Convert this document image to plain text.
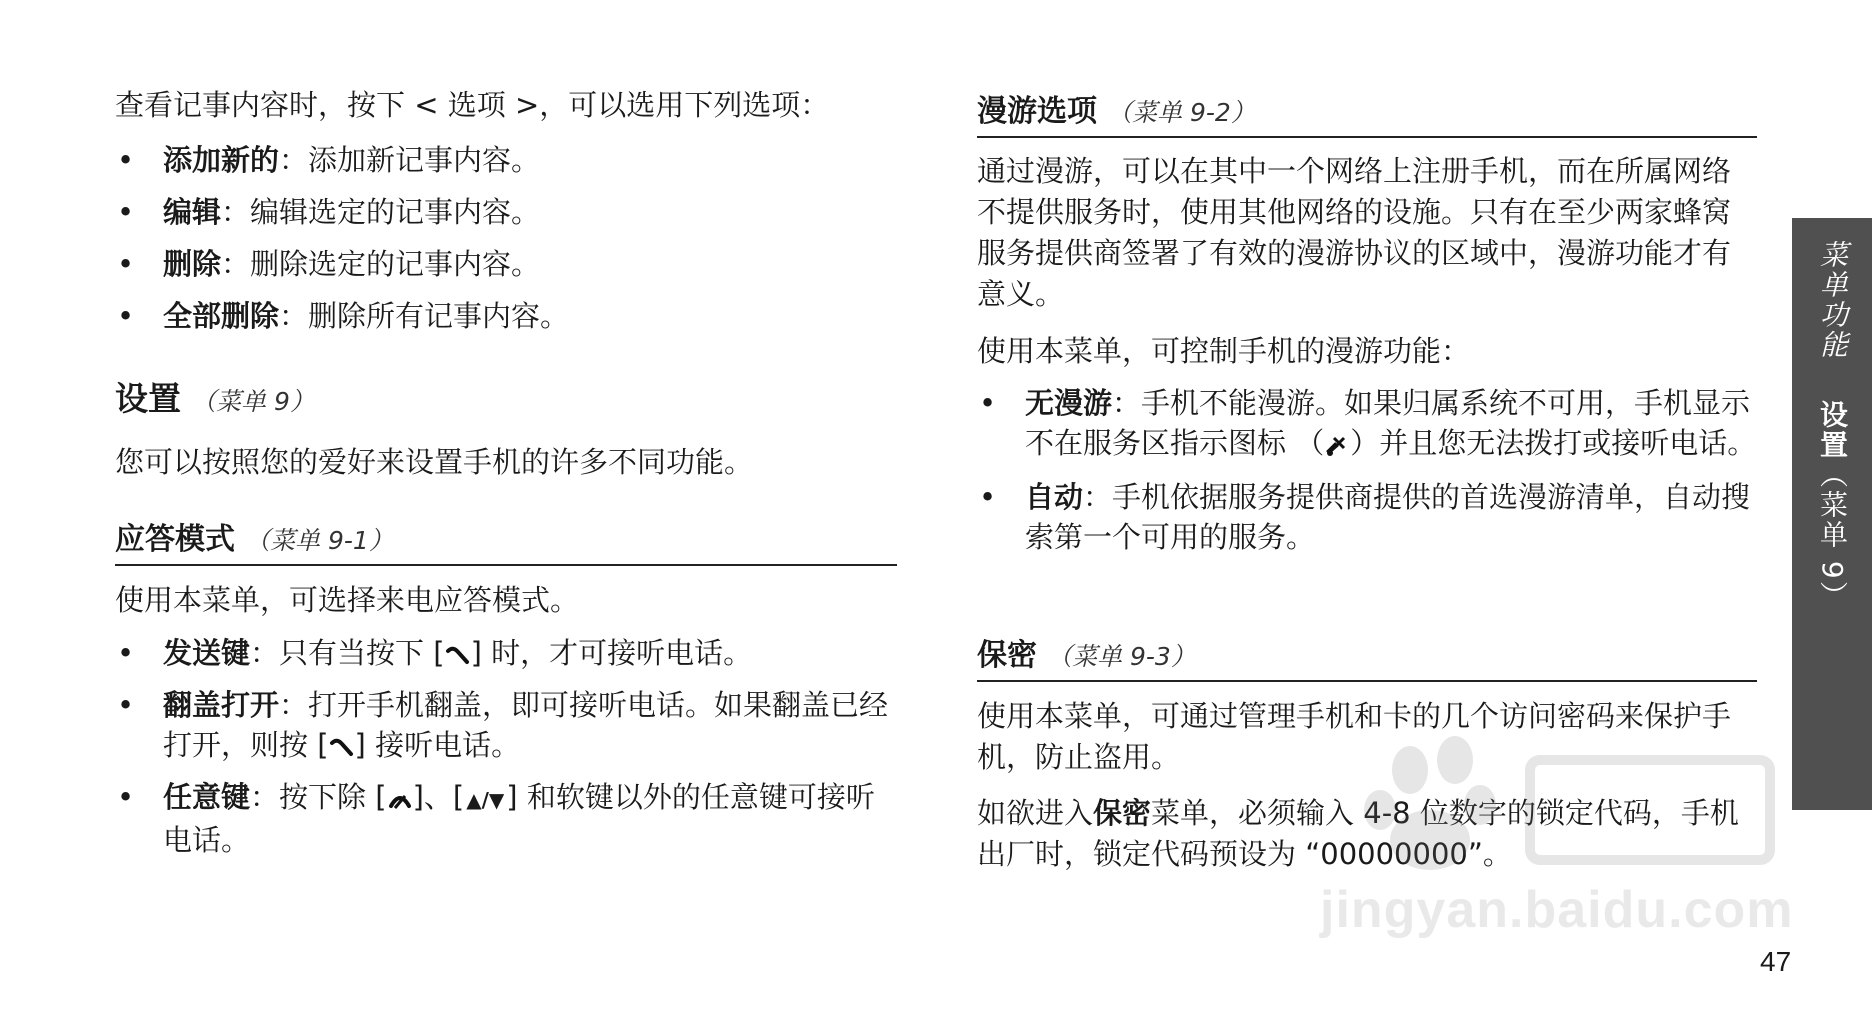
查看记事内容时，按下 < 选项 >，可以选用下列选项：

• 添加新的：添加新记事内容。
• 编辑：编辑选定的记事内容。
• 删除：删除选定的记事内容。
• 全部删除：删除所有记事内容。
设置 （菜单 9）

您可以按照您的爱好来设置手机的许多不同功能。

应答模式 （菜单 9-1）

使用本菜单，可选择来电应答模式。

• 发送键：只有当按下 [ ] 时，才可接听电话。
• 翻盖打开：打开手机翻盖，即可接听电话。如果翻盖已经打开，则按 [ ] 接听电话。
• 任意键：按下除 [ ]、[ ▲/▼] 和软键以外的任意键可接听电话。
漫游选项 （菜单 9-2）

通过漫游，可以在其中一个网络上注册手机，而在所属网络不提供服务时，使用其他网络的设施。只有在至少两家蜂窝服务提供商签署了有效的漫游协议的区域中，漫游功能才有意义。

使用本菜单，可控制手机的漫游功能：

• 无漫游：手机不能漫游。如果归属系统不可用，手机显示不在服务区指示图标 （ ）并且您无法拨打或接听电话。
• 自动：手机依据服务提供商提供的首选漫游清单，自动搜索第一个可用的服务。
保密 （菜单 9-3）

使用本菜单，可通过管理手机和卡的几个访问密码来保护手机，防止盗用。

如欲进入保密菜单，必须输入 4-8 位数字的锁定代码，手机出厂时，锁定代码预设为 “00000000”。

菜单功能设置（菜单 9）
jingyan.baidu.com
47
